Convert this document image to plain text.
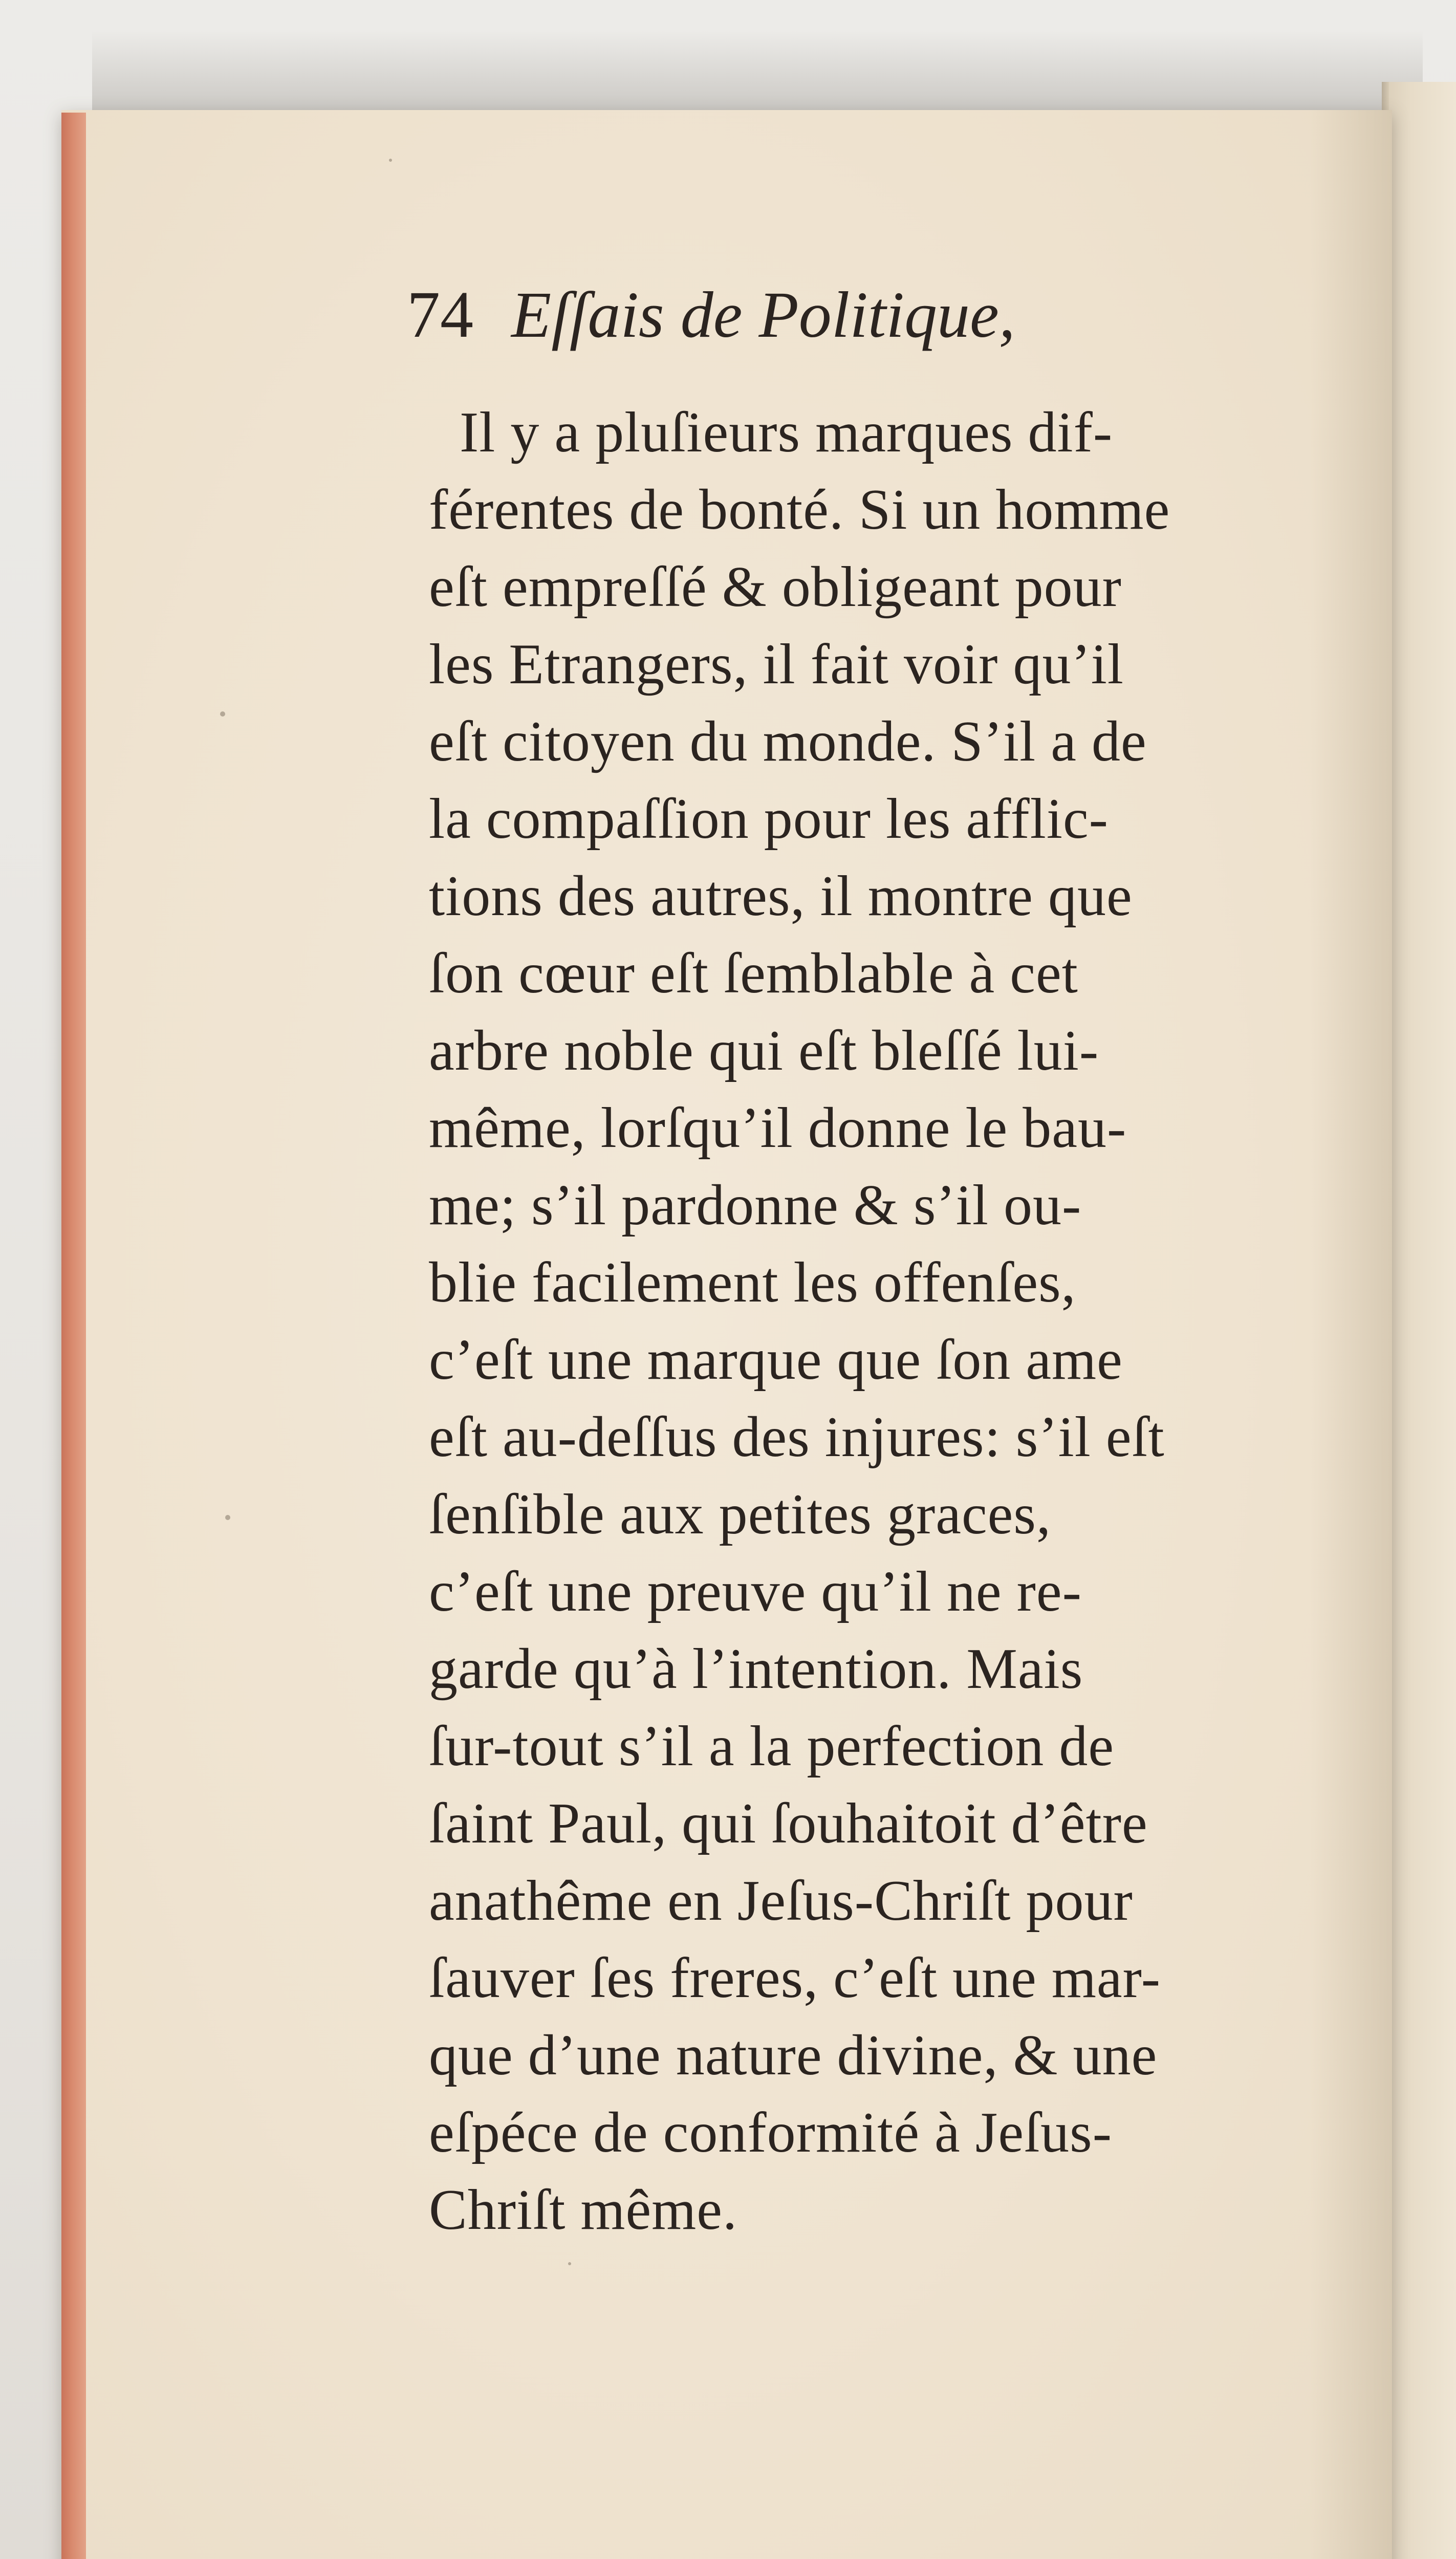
74 Eſſais de Politique,
Il y a pluſieurs marques dif-
férentes de bonté. Si un homme
eſt empreſſé & obligeant pour
les Etrangers, il fait voir qu’il
eſt citoyen du monde. S’il a de
la compaſſion pour les afflic-
tions des autres, il montre que
ſon cœur eſt ſemblable à cet
arbre noble qui eſt bleſſé lui-
même, lorſqu’il donne le bau-
me; s’il pardonne & s’il ou-
blie facilement les offenſes,
c’eſt une marque que ſon ame
eſt au-deſſus des injures: s’il eſt
ſenſible aux petites graces,
c’eſt une preuve qu’il ne re-
garde qu’à l’intention. Mais
ſur-tout s’il a la perfection de
ſaint Paul, qui ſouhaitoit d’être
anathême en Jeſus-Chriſt pour
ſauver ſes freres, c’eſt une mar-
que d’une nature divine, & une
eſpéce de conformité à Jeſus-
Chriſt même.
